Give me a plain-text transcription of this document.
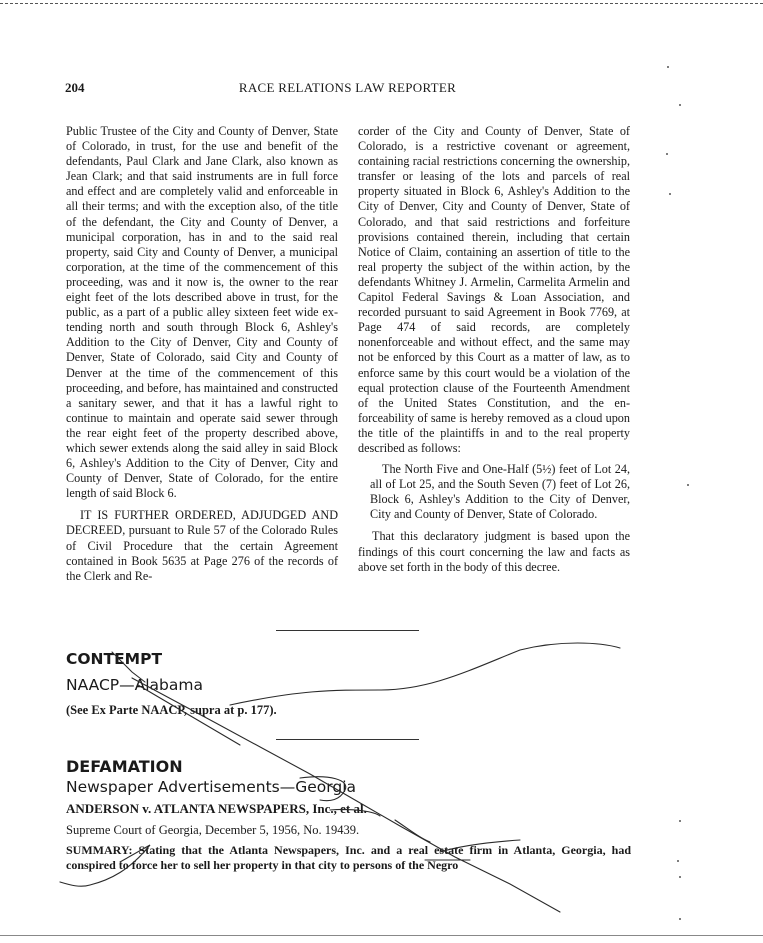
204	RACE RELATIONS LAW REPORTER

Public Trustee of the City and County of Denver, State of Colorado, in trust, for the use and benefit of the defendants, Paul Clark and Jane Clark, also known as Jean Clark; and that said instruments are in full force and effect and are completely valid and enforceable in all their terms; and with the exception also, of the title of the defendant, the City and County of Denver, a municipal corporation, has in and to the said real property, said City and County of Denver, a municipal corporation, at the time of the commencement of this proceeding, was and it now is, the owner to the rear eight feet of the lots described above in trust, for the public, as a part of a public alley sixteen feet wide extending north and south through Block 6, Ashley's Addition to the City of Denver, City and County of Denver, State of Colorado, said City and County of Denver at the time of the commencement of this proceeding, and before, has maintained and constructed a sanitary sewer, and that it has a lawful right to continue to maintain and operate said sewer through the rear eight feet of the property described above, which sewer extends along the said alley in said Block 6, Ashley's Addition to the City of Denver, City and County of Denver, State of Colorado, for the entire length of said Block 6.

IT IS FURTHER ORDERED, ADJUDGED AND DECREED, pursuant to Rule 57 of the Colorado Rules of Civil Procedure that the certain Agreement contained in Book 5635 at Page 276 of the records of the Clerk and Re-

corder of the City and County of Denver, State of Colorado, is a restrictive covenant or agreement, containing racial restrictions concerning the ownership, transfer or leasing of the lots and parcels of real property situated in Block 6, Ashley's Addition to the City of Denver, City and County of Denver, State of Colorado, and that said restrictions and forfeiture provisions contained therein, including that certain Notice of Claim, containing an assertion of title to the real property the subject of the within action, by the defendants Whitney J. Armelin, Carmelita Armelin and Capitol Federal Savings & Loan Association, and recorded pursuant to said Agreement in Book 7769, at Page 474 of said records, are completely nonenforceable and without effect, and the same may not be enforced by this Court as a matter of law, as to enforce same by this court would be a violation of the equal protection clause of the Fourteenth Amendment of the United States Constitution, and the enforceability of same is hereby removed as a cloud upon the title of the plaintiffs in and to the real property described as follows:

The North Five and One-Half (5½) feet of Lot 24, all of Lot 25, and the South Seven (7) feet of Lot 26, Block 6, Ashley's Addition to the City of Denver, City and County of Denver, State of Colorado.

That this declaratory judgment is based upon the findings of this court concerning the law and facts as above set forth in the body of this decree.

CONTEMPT
NAACP—Alabama
(See Ex Parte NAACP, supra at p. 177).
DEFAMATION
Newspaper Advertisements—Georgia
ANDERSON v. ATLANTA NEWSPAPERS, Inc., et al.
Supreme Court of Georgia, December 5, 1956, No. 19439.
SUMMARY: Stating that the Atlanta Newspapers, Inc. and a real estate firm in Atlanta, Georgia, had conspired to force her to sell her property in that city to persons of the Negro
